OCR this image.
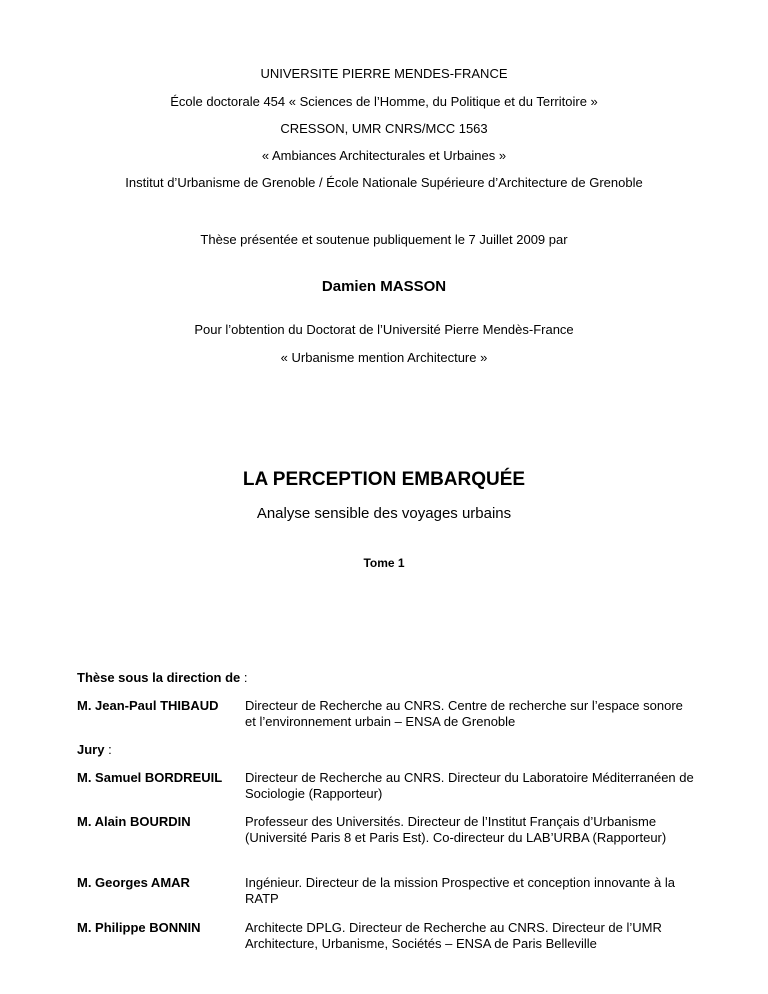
UNIVERSITE PIERRE MENDES-FRANCE
École doctorale 454 « Sciences de l’Homme, du Politique et du Territoire »
CRESSON, UMR CNRS/MCC 1563
« Ambiances Architecturales et Urbaines »
Institut d’Urbanisme de Grenoble / École Nationale Supérieure d’Architecture de Grenoble
Thèse présentée et soutenue publiquement le 7 Juillet 2009 par
Damien MASSON
Pour l’obtention du Doctorat de l’Université Pierre Mendès-France
« Urbanisme mention Architecture »
LA PERCEPTION EMBARQUÉE
Analyse sensible des voyages urbains
Tome 1
Thèse sous la direction de :
M. Jean-Paul THIBAUD Directeur de Recherche au CNRS. Centre de recherche sur l’espace sonore et l’environnement urbain – ENSA de Grenoble
Jury :
M. Samuel BORDREUIL Directeur de Recherche au CNRS. Directeur du Laboratoire Méditerranéen de Sociologie (Rapporteur)
M. Alain BOURDIN	Professeur des Universités. Directeur de l’Institut Français d’Urbanisme (Université Paris 8 et Paris Est). Co-directeur du LAB’URBA (Rapporteur)
M. Georges AMAR	Ingénieur. Directeur de la mission Prospective et conception innovante à la RATP
M. Philippe BONNIN	Architecte DPLG. Directeur de Recherche au CNRS. Directeur de l’UMR Architecture, Urbanisme, Sociétés – ENSA de Paris Belleville
